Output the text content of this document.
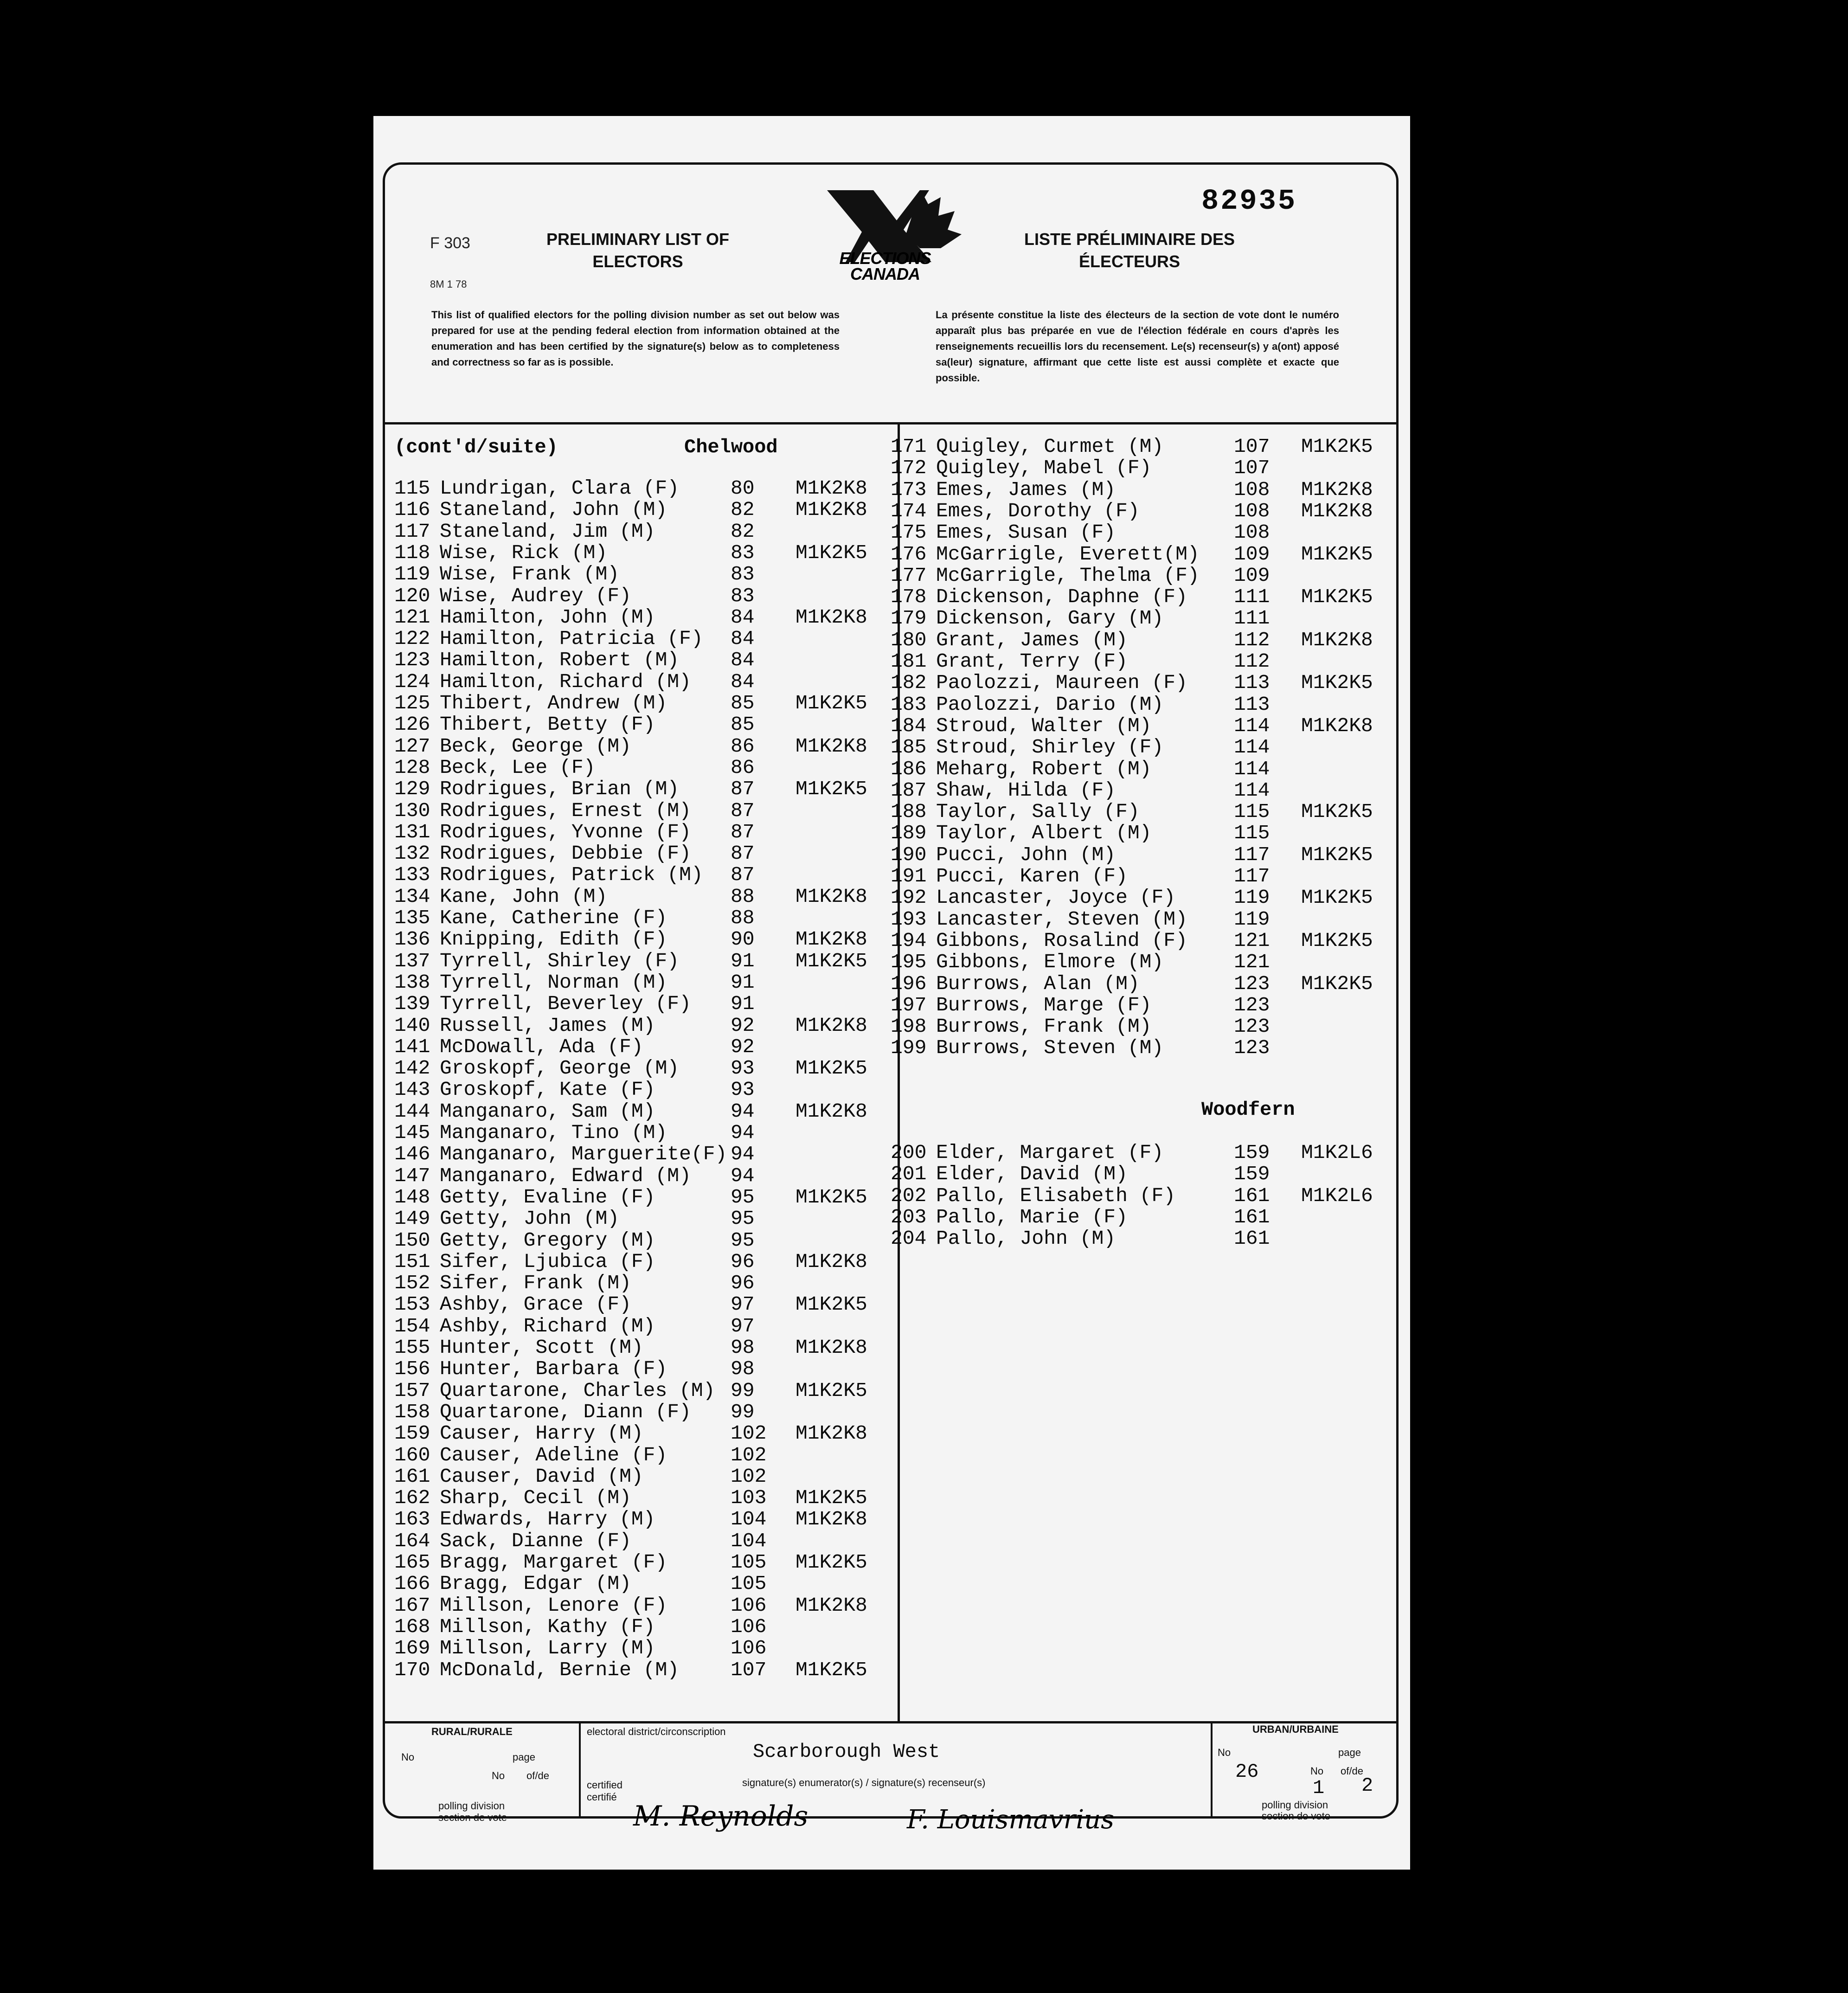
F 303
8M 1 78
PRELIMINARY LIST OF ELECTORS	ELECTIONS CANADA
82935
LISTE PRÉLIMINAIRE DES ÉLECTEURS
This list of qualified electors for the polling division number as set out below was prepared for use at the pending federal election from information obtained at the enumeration and has been certified by the signature(s) below as to completeness and correctness so far as is possible.
La présente constitue la liste des électeurs de la section de vote dont le numéro apparaît plus bas préparée en vue de l'élection fédérale en cours d'après les renseignements recueillis lors du recensement. Le(s) recenseur(s) y a(ont) apposé sa(leur) signature, affirmant que cette liste est aussi complète et exacte que possible.
(cont'd/suite)	Chelwood
115 Lundrigan, Clara (F)	80 M1K2K8
116 Staneland, John (M)	82 M1K2K8
117 Staneland, Jim (M)	82
118 Wise, Rick (M)	83 M1K2K5
119 Wise, Frank (M)	83
120 Wise, Audrey (F)	83
121 Hamilton, John (M)	84 M1K2K8
122 Hamilton, Patricia (F) 84
123 Hamilton, Robert (M)	84
124 Hamilton, Richard (M) 84
125 Thibert, Andrew (M)	85 M1K2K5
126 Thibert, Betty (F)	85
127 Beck, George (M)	86 M1K2K8
128 Beck, Lee (F)	86
129 Rodrigues, Brian (M)	87 M1K2K5
130 Rodrigues, Ernest (M) 87
131 Rodrigues, Yvonne (F) 87
132 Rodrigues, Debbie (F) 87
133 Rodrigues, Patrick (M) 87
134 Kane, John (M)	88 M1K2K8
135 Kane, Catherine (F)	88
136 Knipping, Edith (F)	90 M1K2K8
137 Tyrrell, Shirley (F)	91 M1K2K5
138 Tyrrell, Norman (M)	91
139 Tyrrell, Beverley (F) 91
140 Russell, James (M)	92 M1K2K8
141 McDowall, Ada (F)	92
142 Groskopf, George (M)	93 M1K2K5
143 Groskopf, Kate (F)	93
144 Manganaro, Sam (M)	94 M1K2K8
145 Manganaro, Tino (M)	94
146 Manganaro, Marguerite(F) 94
147 Manganaro, Edward (M) 94
148 Getty, Evaline (F)	95 M1K2K5
149 Getty, John (M)	95
150 Getty, Gregory (M)	95
151 Sifer, Ljubica (F)	96 M1K2K8
152 Sifer, Frank (M)	96
153 Ashby, Grace (F)	97 M1K2K5
154 Ashby, Richard (M)	97
155 Hunter, Scott (M)	98 M1K2K8
156 Hunter, Barbara (F)	98
157 Quartarone, Charles (M) 99 M1K2K5
158 Quartarone, Diann (F) 99
159 Causer, Harry (M)	102 M1K2K8
160 Causer, Adeline (F)	102
161 Causer, David (M)	102
162 Sharp, Cecil (M)	103 M1K2K5
163 Edwards, Harry (M)	104 M1K2K8
164 Sack, Dianne (F)	104
165 Bragg, Margaret (F)	105 M1K2K5
166 Bragg, Edgar (M)	105
167 Millson, Lenore (F)	106 M1K2K8
168 Millson, Kathy (F)	106
169 Millson, Larry (M)	106
170 McDonald, Bernie (M)	107 M1K2K5
171 Quigley, Curmet (M)	107 M1K2K5
172 Quigley, Mabel (F)	107
173 Emes, James (M)	108 M1K2K8
174 Emes, Dorothy (F)	108 M1K2K8
175 Emes, Susan (F)	108
176 McGarrigle, Everett(M) 109 M1K2K5
177 McGarrigle, Thelma (F) 109
178 Dickenson, Daphne (F) 111 M1K2K5
179 Dickenson, Gary (M)	111
180 Grant, James (M)	112 M1K2K8
181 Grant, Terry (F)	112
182 Paolozzi, Maureen (F) 113 M1K2K5
183 Paolozzi, Dario (M)	113
184 Stroud, Walter (M)	114 M1K2K8
185 Stroud, Shirley (F)	114
186 Meharg, Robert (M)	114
187 Shaw, Hilda (F)	114
188 Taylor, Sally (F)	115 M1K2K5
189 Taylor, Albert (M)	115
190 Pucci, John (M)	117 M1K2K5
191 Pucci, Karen (F)	117
192 Lancaster, Joyce (F)	119 M1K2K5
193 Lancaster, Steven (M) 119
194 Gibbons, Rosalind (F) 121 M1K2K5
195 Gibbons, Elmore (M)	121
196 Burrows, Alan (M)	123 M1K2K5
197 Burrows, Marge (F)	123
198 Burrows, Frank (M)	123
199 Burrows, Steven (M)	123
Woodfern
200 Elder, Margaret (F)	159 M1K2L6
201 Elder, David (M)	159
202 Pallo, Elisabeth (F)	161 M1K2L6
203 Pallo, Marie (F)	161
204 Pallo, John (M)	161
RURAL/RURALE
No	page
No of/de
polling division
section de vote
electoral district/circonscription
Scarborough West
signature(s) enumerator(s) / signature(s) recenseur(s)
certified certifié
M. Reynolds	F. Louismavrius
URBAN/URBAINE
No	page
26	No of/de
1 2
polling division
section de vote
